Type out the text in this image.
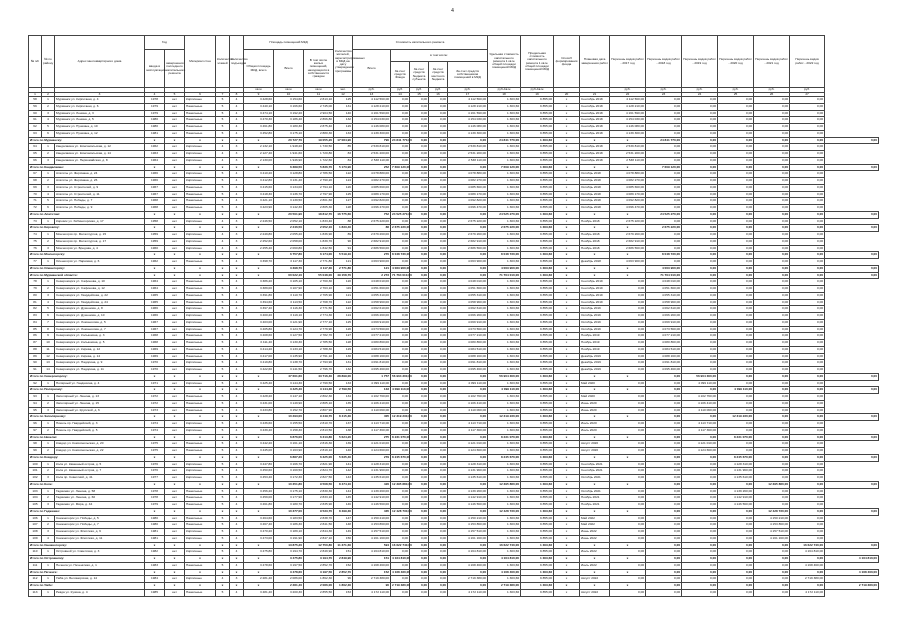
4
№ п/п	№ по районy	Адрес многоквартирного дома	Год		Материал стен	Количество этажей	Количество подъездов	Площадь помещений МКД			Количество жителей, зарегистрированных в МКД на дату утверждения программы	Стоимость капитального ремонта					Удельная стоимость капитального ремонта 1 кв.м. общей площади помещений МКД	Предельная стоимость капитального ремонта 1 кв.м. общей площади помещений МКД	Способ формирования фонда	Плановая дата завершения работ	Перечень видов работ - 2017 год	Перечень видов работ - 2018 год	Перечень видов работ - 2019 год	Перечень видов работ - 2020 год	Перечень видов работ - 2021 год	Перечень видов работ - 2022 год	
			ввода в эксплуатацию	завершения последнего капитального ремонта				Общая площадь МКД, всего	Всего	В том числе жилых помещений, находящихся в собственности граждан		Всего	в том числе:														
													За счет средств Фонда	За счет средств бюджета субъекта	За счет средств местного бюджета	За счет средств собственников помещений в МКД											
								кв.м	кв.м	кв.м	чел.	руб.	руб.	руб.	руб.	руб.	руб./кв.м	руб./кв.м			руб.	руб.	руб.	руб.	руб.	руб.	
1	2	3	4	5	6	7	8	9	10	11	12	13	14	15	16	17	18	19	20	21	22	23	24	25	26	27	
58	1	Мурманск ул. Кирпичная, д. 4	1978	нет	Кирпичные	5	4	3 428,60	3 154,60	2 813,10	125	4 112 560,00	0,00	0,00	0,00	4 112 560,00	1 303,66	9 855,00	х	Сентябрь 2018	4 112 560,00	0,00	0,00	0,00	0,00	0,00	
59	2	Мурманск ул. Кирпичная, д. 6	1979	нет	Панельные	5	4	3 440,10	3 166,60	2 745,00	131	4 128 210,00	0,00	0,00	0,00	4 128 210,00	1 303,66	9 855,00	х	Сентябрь 2018	4 128 210,00	0,00	0,00	0,00	0,00	0,00	
60	3	Мурманск ул. Ленина, д. 3	1979	нет	Панельные	5	4	3 474,10	3 192,20	2 904,50	140	4 161 590,00	0,00	0,00	0,00	4 161 590,00	1 303,66	9 855,00	х	Сентябрь 2018	4 161 590,00	0,00	0,00	0,00	0,00	0,00	
61	4	Мурманск ул. Ленина, д. 5	1980	нет	Панельные	5	4	3 470,30	3 186,40	2 866,80	132	4 154 030,00	0,00	0,00	0,00	4 154 030,00	1 303,66	9 855,00	х	Сентябрь 2018	4 154 030,00	0,00	0,00	0,00	0,00	0,00	
62	5	Мурманск ул. Пушкина, д. 10	1980	нет	Панельные	5	4	3 461,80	3 180,30	2 875,40	129	4 146 080,00	0,00	0,00	0,00	4 146 080,00	1 303,66	9 855,00	х	Сентябрь 2018	4 146 080,00	0,00	0,00	0,00	0,00	0,00	
63	6	Мурманск ул. Пушкина, д. 12	1981	нет	Панельные	5	4	3 452,80	3 175,10	2 880,30	133	4 139 300,00	0,00	0,00	0,00	4 139 300,00	1 303,66	9 855,00	х	Сентябрь 2018	4 139 300,00	0,00	0,00	0,00	0,00	0,00	
Итого по Мурманску:			х	х	х	х	х	х	20 727,70	19 055,20	17 084,90	790	24 841 770,00	0,00	0,00	0,00	24 841 770,00	1 303,66	х	х	х	24 841 770,00	0,00	0,00	0,00	0,00	0,00
64	1	Кандалакша ул. Комсомольская, д. 12	1962	нет	Кирпичные	4	3	2 132,10	1 948,20	1 730,50	85	2 539 810,00	0,00	0,00	0,00	2 539 810,00	1 303,66	9 855,00	х	Сентябрь 2018	2 539 810,00	0,00	0,00	0,00	0,00	0,00	
65	2	Кандалакша ул. Комсомольская, д. 14	1963	нет	Кирпичные	4	3	2 127,40	1 941,60	1 720,80	83	2 531 200,00	0,00	0,00	0,00	2 531 200,00	1 303,66	9 855,00	х	Сентябрь 2018	2 531 200,00	0,00	0,00	0,00	0,00	0,00	
66	3	Кандалакша ул. Первомайская, д. 8	1964	нет	Кирпичные	4	3	2 130,00	1 946,90	1 722,60	84	2 538 110,00	0,00	0,00	0,00	2 538 110,00	1 303,66	9 855,00	х	Сентябрь 2018	2 538 110,00	0,00	0,00	0,00	0,00	0,00	
Итого по Кандалакше:			х	х	х	х	х	х	6 389,50	5 836,70	5 173,90	252	7 609 120,00	0,00	0,00	0,00	7 609 120,00	1 303,66	х	х	х	7 609 120,00	0,00	0,00	0,00	0,00	0,00
67	1	Апатиты ул. Ферсмана, д. 24	1966	нет	Кирпичные	5	4	3 410,20	3 128,80	2 786,50	122	4 078 880,00	0,00	0,00	0,00	4 078 880,00	1 303,66	9 855,00	х	Октябрь 2018	4 078 880,00	0,00	0,00	0,00	0,00	0,00	
68	2	Апатиты ул. Ферсмана, д. 26	1966	нет	Кирпичные	5	4	3 412,80	3 131,40	2 790,20	124	4 082 270,00	0,00	0,00	0,00	4 082 270,00	1 303,66	9 855,00	х	Октябрь 2018	4 082 270,00	0,00	0,00	0,00	0,00	0,00	
69	3	Апатиты ул. Строителей, д. 9	1967	нет	Панельные	5	4	3 415,60	3 134,00	2 794,10	126	4 085 660,00	0,00	0,00	0,00	4 085 660,00	1 303,66	9 855,00	х	Октябрь 2018	4 085 660,00	0,00	0,00	0,00	0,00	0,00	
70	4	Апатиты ул. Строителей, д. 11	1967	нет	Панельные	5	4	3 418,30	3 136,70	2 797,90	125	4 089 170,00	0,00	0,00	0,00	4 089 170,00	1 303,66	9 855,00	х	Октябрь 2018	4 089 170,00	0,00	0,00	0,00	0,00	0,00	
71	5	Апатиты ул. Победы, д. 7	1968	нет	Панельные	5	4	3 421,10	3 139,50	2 801,60	127	4 092 820,00	0,00	0,00	0,00	4 092 820,00	1 303,66	9 855,00	х	Октябрь 2018	4 092 820,00	0,00	0,00	0,00	0,00	0,00	
72	6	Апатиты ул. Победы, д. 9	1968	нет	Панельные	5	4	3 423,90	3 142,30	2 805,30	128	4 096 470,00	0,00	0,00	0,00	4 096 470,00	1 303,66	9 855,00	х	Октябрь 2018	4 096 470,00	0,00	0,00	0,00	0,00	0,00	
Итого по Апатитам:			х	х	х	х	х	х	20 501,90	18 812,70	16 775,60	752	24 525 270,00	0,00	0,00	0,00	24 525 270,00	1 303,66	х	х	х	24 525 270,00	0,00	0,00	0,00	0,00	0,00
73	1	Кировск ул. Хибиногорская, д. 17	1958	нет	Кирпичные	4	3	2 246,50	2 052,10	1 833,40	88	2 675 220,00	0,00	0,00	0,00	2 675 220,00	1 303,66	9 855,00	х	Ноябрь 2018	2 675 220,00	0,00	0,00	0,00	0,00	0,00	
Итого по Кировску:			х	х	х	х	х	х	2 246,50	2 052,10	1 833,40	88	2 675 220,00	0,00	0,00	0,00	2 675 220,00	1 303,66	х	х	х	2 675 220,00	0,00	0,00	0,00	0,00	0,00
74	1	Мончегорск пр. Металлургов, д. 15	1959	нет	Кирпичные	4	3	2 249,80	2 055,20	1 836,90	89	2 679 260,00	0,00	0,00	0,00	2 679 260,00	1 303,66	9 855,00	х	Ноябрь 2018	2 679 260,00	0,00	0,00	0,00	0,00	0,00	
75	2	Мончегорск пр. Металлургов, д. 17	1959	нет	Кирпичные	4	3	2 252,60	2 058,00	1 839,70	90	2 682 910,00	0,00	0,00	0,00	2 682 910,00	1 303,66	9 855,00	х	Ноябрь 2018	2 682 910,00	0,00	0,00	0,00	0,00	0,00	
76	3	Мончегорск ул. Бредова, д. 4	1960	нет	Кирпичные	4	3	2 255,40	2 060,80	1 842,50	91	2 686 560,00	0,00	0,00	0,00	2 686 560,00	1 303,66	9 855,00	х	Ноябрь 2018	2 686 560,00	0,00	0,00	0,00	0,00	0,00	
Итого по Мончегорску:			х	х	х	х	х	х	6 757,80	6 174,00	5 519,10	270	8 048 730,00	0,00	0,00	0,00	8 048 730,00	1 303,66	х	х	х	8 048 730,00	0,00	0,00	0,00	0,00	0,00
77	1	Оленегорск ул. Парковая, д. 6	1962	нет	Панельные	5	4	3 398,70	3 117,30	2 771,80	121	4 063 900,00	0,00	0,00	0,00	4 063 900,00	1 303,66	9 855,00	х	Декабрь 2018	4 063 900,00	0,00	0,00	0,00	0,00	0,00	
Итого по Оленегорску:			х	х	х	х	х	х	3 398,70	3 117,30	2 771,80	121	4 063 900,00	0,00	0,00	0,00	4 063 900,00	1 303,66	х	х	х	4 063 900,00	0,00	0,00	0,00	0,00	0,00
Итого по Мурманской области:			х	х	х	х	х	х	60 022,10	55 048,00	49 158,70	2 273	71 764 010,00	0,00	0,00	0,00	71 764 010,00	1 303,66	х	х	х	71 764 010,00	0,00	0,00	0,00	0,00	0,00
78	1	Североморск ул. Сафонова, д. 10	1964	нет	Панельные	5	4	3 386,20	3 105,10	2 760,30	120	4 048 010,00	0,00	0,00	0,00	4 048 010,00	1 303,66	9 855,00	х	Сентябрь 2019	0,00	4 048 010,00	0,00	0,00	0,00	0,00	
79	2	Североморск ул. Сафонова, д. 12	1964	нет	Панельные	5	4	3 389,00	3 107,90	2 763,10	119	4 051 660,00	0,00	0,00	0,00	4 051 660,00	1 303,66	9 855,00	х	Сентябрь 2019	0,00	4 051 660,00	0,00	0,00	0,00	0,00	
80	3	Североморск ул. Гвардейская, д. 22	1965	нет	Панельные	5	4	3 391,80	3 110,70	2 765,90	121	4 055 310,00	0,00	0,00	0,00	4 055 310,00	1 303,66	9 855,00	х	Сентябрь 2019	0,00	4 055 310,00	0,00	0,00	0,00	0,00	
81	4	Североморск ул. Гвардейская, д. 24	1965	нет	Панельные	5	4	3 394,60	3 113,50	2 768,70	122	4 058 960,00	0,00	0,00	0,00	4 058 960,00	1 303,66	9 855,00	х	Сентябрь 2019	0,00	4 058 960,00	0,00	0,00	0,00	0,00	
82	5	Североморск ул. Душенова, д. 8	1966	нет	Кирпичные	5	4	3 397,40	3 116,30	2 771,50	123	4 062 610,00	0,00	0,00	0,00	4 062 610,00	1 303,66	9 855,00	х	Октябрь 2019	0,00	4 062 610,00	0,00	0,00	0,00	0,00	
83	6	Североморск ул. Душенова, д. 10	1966	нет	Кирпичные	5	4	3 400,20	3 119,10	2 774,30	124	4 066 260,00	0,00	0,00	0,00	4 066 260,00	1 303,66	9 855,00	х	Октябрь 2019	0,00	4 066 260,00	0,00	0,00	0,00	0,00	
84	7	Североморск ул. Ломоносова, д. 5	1967	нет	Кирпичные	5	4	3 403,00	3 121,90	2 777,10	125	4 069 910,00	0,00	0,00	0,00	4 069 910,00	1 303,66	9 855,00	х	Октябрь 2019	0,00	4 069 910,00	0,00	0,00	0,00	0,00	
85	8	Североморск ул. Ломоносова, д. 7	1967	нет	Кирпичные	5	4	3 405,80	3 124,70	2 779,90	126	4 073 560,00	0,00	0,00	0,00	4 073 560,00	1 303,66	9 855,00	х	Октябрь 2019	0,00	4 073 560,00	0,00	0,00	0,00	0,00	
86	9	Североморск ул. Колышкина, д. 3	1968	нет	Панельные	5	4	3 408,60	3 127,50	2 782,70	127	4 077 210,00	0,00	0,00	0,00	4 077 210,00	1 303,66	9 855,00	х	Ноябрь 2019	0,00	4 077 210,00	0,00	0,00	0,00	0,00	
87	10	Североморск ул. Колышкина, д. 5	1968	нет	Панельные	5	4	3 411,40	3 130,30	2 785,50	128	4 080 860,00	0,00	0,00	0,00	4 080 860,00	1 303,66	9 855,00	х	Ноябрь 2019	0,00	4 080 860,00	0,00	0,00	0,00	0,00	
88	11	Североморск ул. Кирова, д. 12	1969	нет	Панельные	5	4	3 414,20	3 133,10	2 788,30	129	4 084 510,00	0,00	0,00	0,00	4 084 510,00	1 303,66	9 855,00	х	Ноябрь 2019	0,00	4 084 510,00	0,00	0,00	0,00	0,00	
89	12	Североморск ул. Кирова, д. 14	1969	нет	Панельные	5	4	3 417,00	3 135,90	2 791,10	130	4 088 160,00	0,00	0,00	0,00	4 088 160,00	1 303,66	9 855,00	х	Декабрь 2019	0,00	4 088 160,00	0,00	0,00	0,00	0,00	
90	13	Североморск ул. Падорина, д. 9	1970	нет	Кирпичные	5	4	3 419,80	3 138,70	2 793,90	131	4 091 810,00	0,00	0,00	0,00	4 091 810,00	1 303,66	9 855,00	х	Декабрь 2019	0,00	4 091 810,00	0,00	0,00	0,00	0,00	
91	14	Североморск ул. Падорина, д. 11	1970	нет	Кирпичные	5	4	3 422,60	3 141,50	2 796,70	132	4 095 460,00	0,00	0,00	0,00	4 095 460,00	1 303,66	9 855,00	х	Декабрь 2019	0,00	4 095 460,00	0,00	0,00	0,00	0,00	
Итого по Североморску:			х	х	х	х	х	х	47 661,60	43 716,40	38 899,00	1 757	56 904 300,00	0,00	0,00	0,00	56 904 300,00	1 303,66	х	х	х	0,00	56 904 300,00	0,00	0,00	0,00	0,00
92	1	Полярный ул. Гандюхина, д. 4	1971	нет	Кирпичные	5	4	3 425,40	3 144,30	2 799,50	133	4 099 110,00	0,00	0,00	0,00	4 099 110,00	1 303,66	9 855,00	х	Май 2020	0,00	0,00	4 099 110,00	0,00	0,00	0,00	
Итого по Полярному:			х	х	х	х	х	х	3 425,40	3 144,30	2 799,50	133	4 099 110,00	0,00	0,00	0,00	4 099 110,00	1 303,66	х	х	х	0,00	0,00	4 099 110,00	0,00	0,00	0,00
93	1	Заполярный ул. Ленина, д. 13	1972	нет	Панельные	5	4	3 428,20	3 147,10	2 802,30	134	4 102 760,00	0,00	0,00	0,00	4 102 760,00	1 303,66	9 855,00	х	Май 2020	0,00	0,00	4 102 760,00	0,00	0,00	0,00	
94	2	Заполярный ул. Ленина, д. 15	1972	нет	Панельные	5	4	3 431,00	3 149,90	2 805,10	135	4 106 410,00	0,00	0,00	0,00	4 106 410,00	1 303,66	9 855,00	х	Июнь 2020	0,00	0,00	4 106 410,00	0,00	0,00	0,00	
95	3	Заполярный ул. Крупской, д. 6	1973	нет	Панельные	5	4	3 433,80	3 152,70	2 807,90	136	4 110 060,00	0,00	0,00	0,00	4 110 060,00	1 303,66	9 855,00	х	Июнь 2020	0,00	0,00	4 110 060,00	0,00	0,00	0,00	
Итого по Заполярному:			х	х	х	х	х	х	10 293,00	9 449,70	8 415,30	405	12 319 230,00	0,00	0,00	0,00	12 319 230,00	1 303,66	х	х	х	0,00	0,00	12 319 230,00	0,00	0,00	0,00
96	1	Никель пр. Гвардейский, д. 3	1974	нет	Кирпичные	5	4	3 436,60	3 155,50	2 810,70	137	4 113 710,00	0,00	0,00	0,00	4 113 710,00	1 303,66	9 855,00	х	Июль 2020	0,00	0,00	4 113 710,00	0,00	0,00	0,00	
97	2	Никель пр. Гвардейский, д. 5	1974	нет	Кирпичные	5	4	3 439,40	3 158,30	2 813,50	138	4 117 360,00	0,00	0,00	0,00	4 117 360,00	1 303,66	9 855,00	х	Июль 2020	0,00	0,00	4 117 360,00	0,00	0,00	0,00	
Итого по Никелю:			х	х	х	х	х	х	6 876,00	6 313,80	5 624,20	275	8 231 070,00	0,00	0,00	0,00	8 231 070,00	1 303,66	х	х	х	0,00	0,00	8 231 070,00	0,00	0,00	0,00
98	1	Ковдор ул. Комсомольская, д. 20	1975	нет	Панельные	5	4	3 442,20	3 161,10	2 816,30	139	4 121 010,00	0,00	0,00	0,00	4 121 010,00	1 303,66	9 855,00	х	Август 2020	0,00	0,00	4 121 010,00	0,00	0,00	0,00	
99	2	Ковдор ул. Комсомольская, д. 22	1975	нет	Панельные	5	4	3 445,00	3 163,90	2 819,10	140	4 124 660,00	0,00	0,00	0,00	4 124 660,00	1 303,66	9 855,00	х	Август 2020	0,00	0,00	4 124 660,00	0,00	0,00	0,00	
Итого по Ковдору:			х	х	х	х	х	х	6 887,20	6 325,00	5 635,40	279	8 245 670,00	0,00	0,00	0,00	8 245 670,00	1 303,66	х	х	х	0,00	0,00	8 245 670,00	0,00	0,00	0,00
100	1	Кола ул. Каменный остров, д. 5	1976	нет	Кирпичные	5	4	3 447,80	3 166,70	2 821,90	141	4 128 310,00	0,00	0,00	0,00	4 128 310,00	1 303,66	9 855,00	х	Сентябрь 2021	0,00	0,00	0,00	4 128 310,00	0,00	0,00	
101	2	Кола ул. Каменный остров, д. 7	1976	нет	Кирпичные	5	4	3 450,60	3 169,50	2 824,70	142	4 131 960,00	0,00	0,00	0,00	4 131 960,00	1 303,66	9 855,00	х	Сентябрь 2021	0,00	0,00	0,00	4 131 960,00	0,00	0,00	
102	3	Кола пр. Советский, д. 41	1977	нет	Кирпичные	5	4	3 453,40	3 172,30	2 827,50	143	4 135 610,00	0,00	0,00	0,00	4 135 610,00	1 303,66	9 855,00	х	Октябрь 2021	0,00	0,00	0,00	4 135 610,00	0,00	0,00	
Итого по Коле:			х	х	х	х	х	х	10 351,80	9 508,50	8 474,10	426	12 395 880,00	0,00	0,00	0,00	12 395 880,00	1 303,66	х	х	х	0,00	0,00	0,00	12 395 880,00	0,00	0,00
103	1	Гаджиево ул. Ленина, д. 58	1978	нет	Панельные	5	4	3 456,20	3 175,10	2 830,30	144	4 139 260,00	0,00	0,00	0,00	4 139 260,00	1 303,66	9 855,00	х	Октябрь 2021	0,00	0,00	0,00	4 139 260,00	0,00	0,00	
104	2	Гаджиево ул. Ленина, д. 60	1978	нет	Панельные	5	4	3 459,00	3 177,90	2 833,10	145	4 142 910,00	0,00	0,00	0,00	4 142 910,00	1 303,66	9 855,00	х	Ноябрь 2021	0,00	0,00	0,00	4 142 910,00	0,00	0,00	
105	3	Гаджиево ул. Мира, д. 44	1979	нет	Панельные	5	4	3 461,80	3 180,70	2 835,90	146	4 146 560,00	0,00	0,00	0,00	4 146 560,00	1 303,66	9 855,00	х	Ноябрь 2021	0,00	0,00	0,00	4 146 560,00	0,00	0,00	
Итого по Гаджиево:			х	х	х	х	х	х	10 377,00	9 533,70	8 499,30	435	12 428 730,00	0,00	0,00	0,00	12 428 730,00	1 303,66	х	х	х	0,00	0,00	0,00	12 428 730,00	0,00	0,00
106	1	Снежногорск ул. Победы, д. 5	1980	нет	Панельные	5	4	3 464,60	3 183,50	2 838,70	147	4 150 210,00	0,00	0,00	0,00	4 150 210,00	1 303,66	9 855,00	х	Май 2022	0,00	0,00	0,00	0,00	4 150 210,00	0,00	
107	2	Снежногорск ул. Победы, д. 7	1980	нет	Панельные	5	4	3 467,40	3 186,30	2 841,50	148	4 153 860,00	0,00	0,00	0,00	4 153 860,00	1 303,66	9 855,00	х	Май 2022	0,00	0,00	0,00	0,00	4 153 860,00	0,00	
108	3	Снежногорск ул. Флотская, д. 9	1981	нет	Кирпичные	5	4	3 470,20	3 189,10	2 844,30	149	4 157 510,00	0,00	0,00	0,00	4 157 510,00	1 303,66	9 855,00	х	Июнь 2022	0,00	0,00	0,00	0,00	4 157 510,00	0,00	
109	4	Снежногорск ул. Флотская, д. 11	1981	нет	Кирпичные	5	4	3 473,00	3 191,90	2 847,10	150	4 161 160,00	0,00	0,00	0,00	4 161 160,00	1 303,66	9 855,00	х	Июнь 2022	0,00	0,00	0,00	0,00	4 161 160,00	0,00	
Итого по Снежногорску:			х	х	х	х	х	х	13 875,20	12 750,80	11 371,60	594	16 622 740,00	0,00	0,00	0,00	16 622 740,00	1 303,66	х	х	х	0,00	0,00	0,00	0,00	16 622 740,00	0,00
110	1	Островной ул. Советская, д. 3	1982	нет	Кирпичные	5	4	3 475,80	3 194,70	2 849,90	151	4 164 810,00	0,00	0,00	0,00	4 164 810,00	1 303,66	9 855,00	х	Июль 2022	0,00	0,00	0,00	0,00	0,00	4 164 810,00	
Итого по Островному:			х	х	х	х	х	х	3 475,80	3 194,70	2 849,90	151	4 164 810,00	0,00	0,00	0,00	4 164 810,00	1 303,66	х	х	х	0,00	0,00	0,00	0,00	0,00	4 164 810,00
111	1	Печенга ул. Печенгская, д. 1	1983	нет	Панельные	5	4	3 478,60	3 197,50	2 852,70	152	4 168 460,00	0,00	0,00	0,00	4 168 460,00	1 303,66	9 855,00	х	Июль 2022	0,00	0,00	0,00	0,00	0,00	4 168 460,00	
Итого по Печенге:			х	х	х	х	х	х	3 478,60	3 197,50	2 852,70	152	4 168 460,00	0,00	0,00	0,00	4 168 460,00	1 303,66	х	х	х	0,00	0,00	0,00	0,00	0,00	4 168 460,00
112	1	Умба ул. Беломорская, д. 14	1984	нет	Кирпичные	4	3	2 281,40	2 086,00	1 862,30	96	2 719 380,00	0,00	0,00	0,00	2 719 380,00	1 303,66	9 855,00	х	Август 2022	0,00	0,00	0,00	0,00	0,00	2 719 380,00	
Итого по Умбе:			х	х	х	х	х	х	2 281,40	2 086,00	1 862,30	96	2 719 380,00	0,00	0,00	0,00	2 719 380,00	1 303,66	х	х	х	0,00	0,00	0,00	0,00	0,00	2 719 380,00
113	1	Ревда ул. Кузина, д. 4	1985	нет	Панельные	5	4	3 481,40	3 200,30	2 855,50	153	4 172 110,00	0,00	0,00	0,00	4 172 110,00	1 303,66	9 855,00	х	Август 2022	0,00	0,00	0,00	0,00	0,00	4 172 110,00	
